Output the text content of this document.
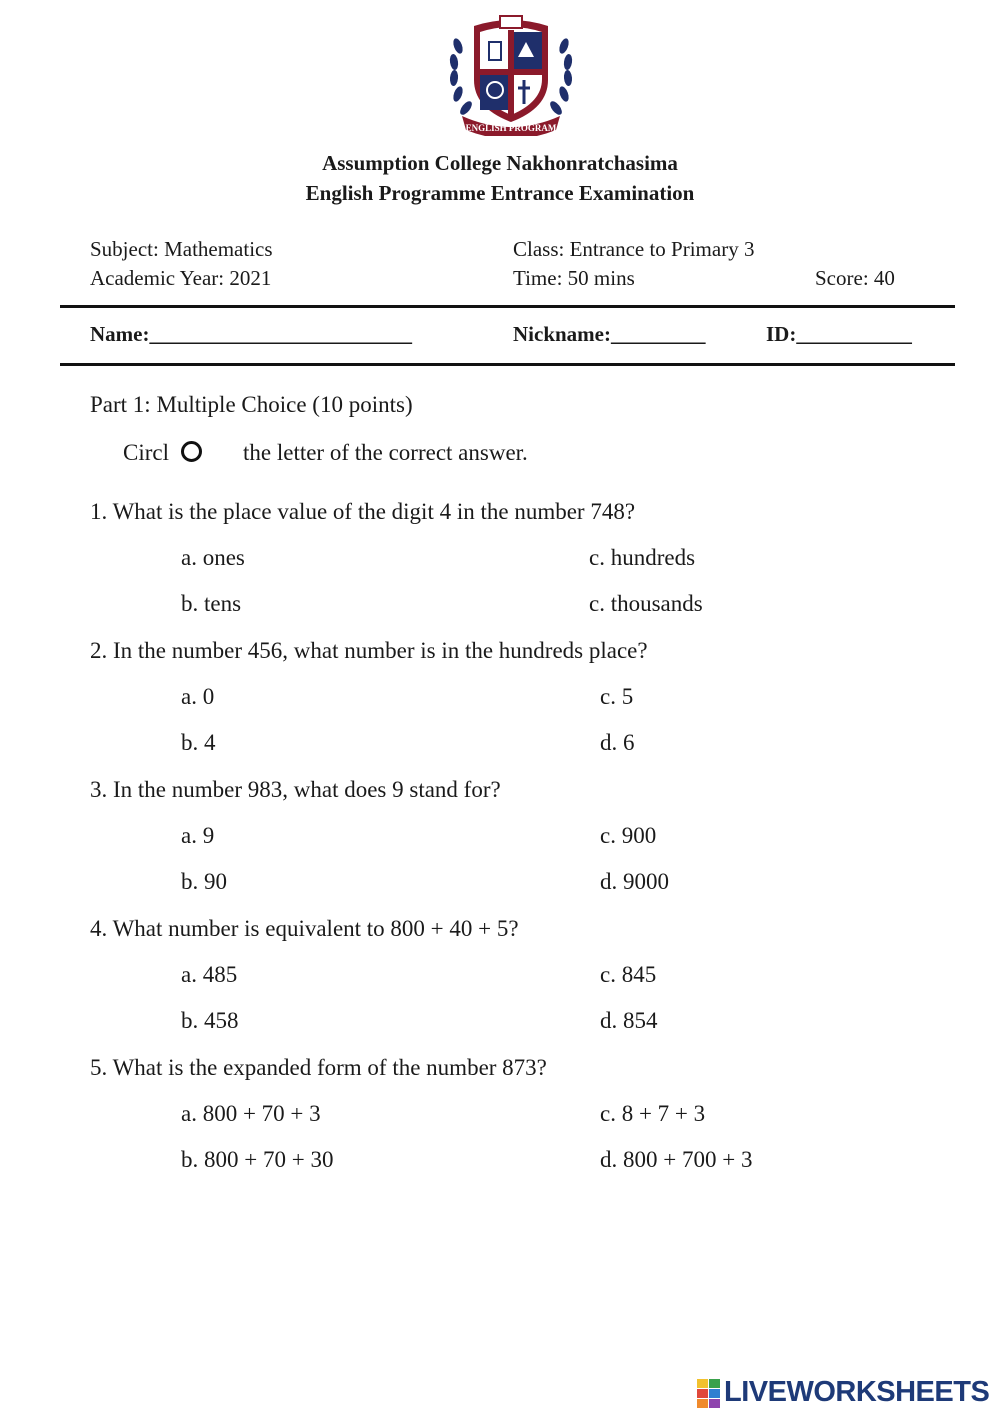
ENGLISH PROGRAM
Assumption College Nakhonratchasima
English Programme Entrance Examination
Subject: Mathematics
Academic Year: 2021
Class: Entrance to Primary 3
Time: 50 mins	Score: 40
Name:_________________________	Nickname:_________	ID:___________
Part 1: Multiple Choice (10 points)
Circl	the letter of the correct answer.
1. What is the place value of the digit 4 in the number 748?
a. ones
b. tens
c. hundreds
c. thousands
2. In the number 456, what number is in the hundreds place?
a. 0
b. 4
c. 5
d. 6
3. In the number 983, what does 9 stand for?
a. 9
b. 90
c. 900
d. 9000
4. What number is equivalent to 800 + 40 + 5?
a. 485
b. 458
c. 845
d. 854
5. What is the expanded form of the number 873?
a. 800 + 70 + 3
b. 800 + 70 + 30
c. 8 + 7 + 3
d. 800 + 700 + 3
LIVEWORKSHEETS
